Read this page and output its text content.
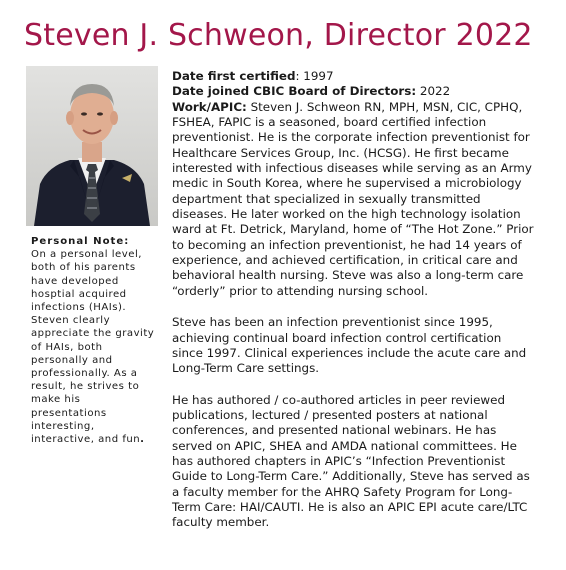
Steven J. Schweon, Director 2022
Personal Note:
On a personal level, both of his parents have developed hosptial acquired infections (HAIs). Steven clearly appreciate the gravity of HAIs, both personally and professionally. As a result, he strives to make his presentations interesting, interactive, and fun.

Date first certified: 1997

Date joined CBIC Board of Directors: 2022

Work/APIC: Steven J. Schweon RN, MPH, MSN, CIC, CPHQ, FSHEA, FAPIC is a seasoned, board certified infection preventionist. He is the corporate infection preventionist for Healthcare Services Group, Inc. (HCSG). He first became interested with infectious diseases while serving as an Army medic in South Korea, where he supervised a microbiology department that specialized in sexually transmitted diseases. He later worked on the high technology isolation ward at Ft. Detrick, Maryland, home of “The Hot Zone.” Prior to becoming an infection preventionist, he had 14 years of experience, and achieved certification, in critical care and behavioral health nursing. Steve was also a long-term care “orderly” prior to attending nursing school.

Steve has been an infection preventionist since 1995, achieving continual board infection control certification since 1997. Clinical experiences include the acute care and Long-Term Care settings.

He has authored / co-authored articles in peer reviewed publications, lectured / presented posters at national conferences, and presented national webinars. He has served on APIC, SHEA and AMDA national committees. He has authored chapters in APIC’s “Infection Preventionist Guide to Long-Term Care.” Additionally, Steve has served as a faculty member for the AHRQ Safety Program for Long-Term Care: HAI/CAUTI. He is also an APIC EPI acute care/LTC faculty member.
